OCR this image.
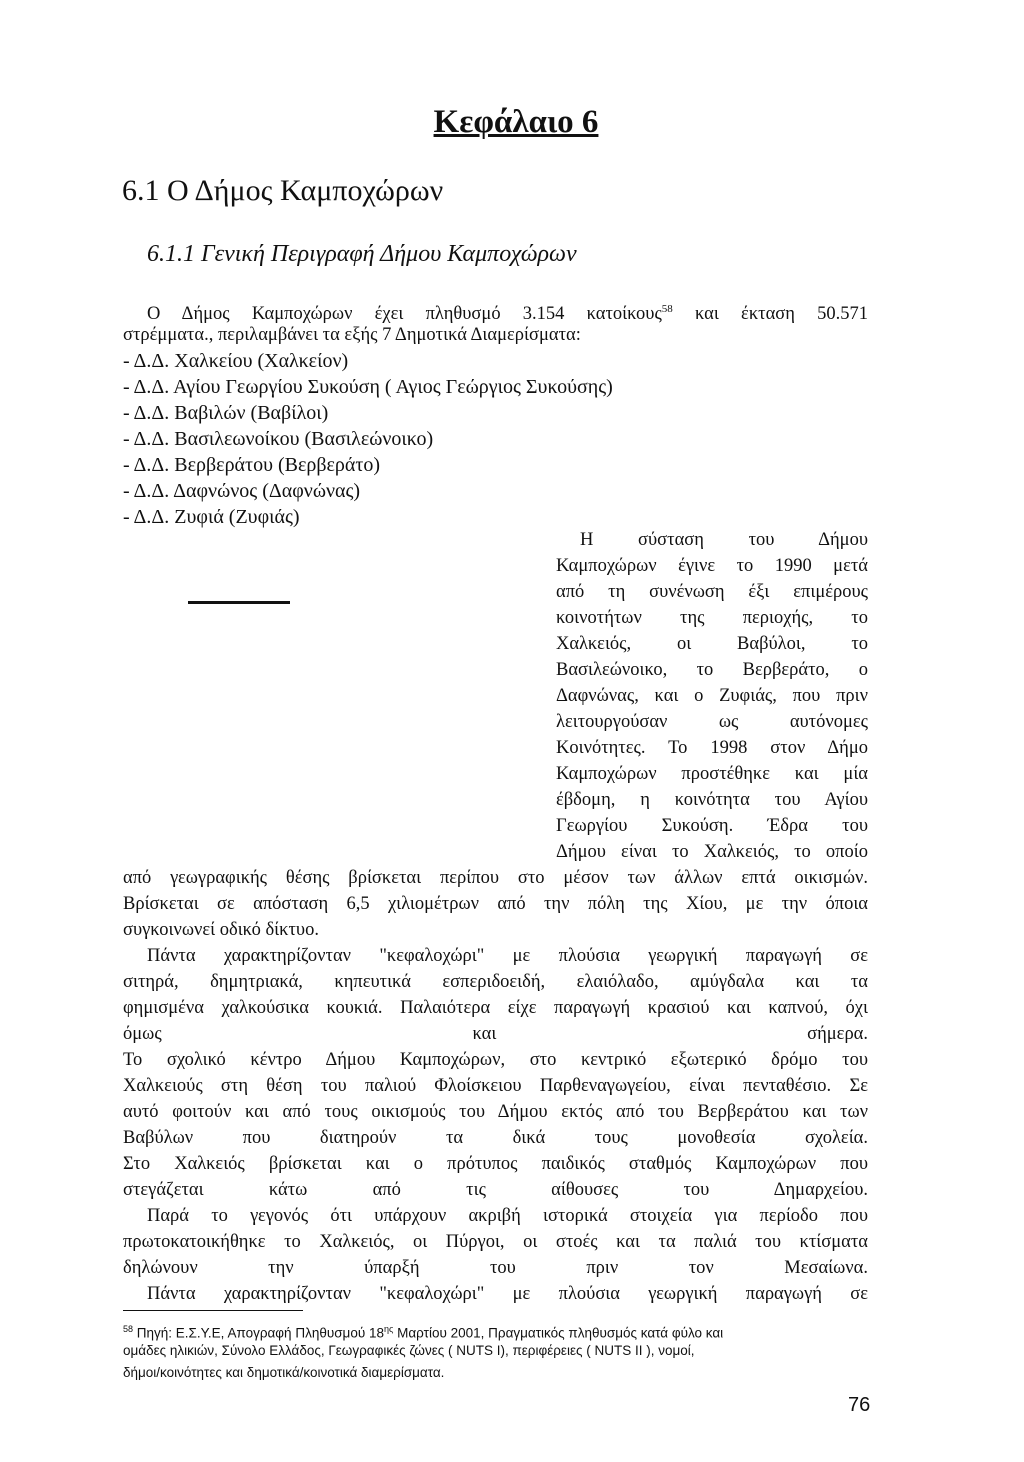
Κεφάλαιο 6
6.1 Ο Δήμος Καμποχώρων
6.1.1 Γενική Περιγραφή Δήμου Καμποχώρων
Ο Δήμος Καμποχώρων έχει πληθυσμό 3.154 κατοίκους$^{58}$ και έκταση 50.571
στρέμματα., περιλαμβάνει τα εξής 7 Δημοτικά Διαμερίσματα:
- Δ.Δ. Χαλκείου (Χαλκείον)
- Δ.Δ. Αγίου Γεωργίου Συκούση ( Αγιος Γεώργιος Συκούσης)
- Δ.Δ. Βαβιλών (Βαβίλοι)
- Δ.Δ. Βασιλεωνοίκου (Βασιλεώνοικο)
- Δ.Δ. Βερβεράτου (Βερβεράτο)
- Δ.Δ. Δαφνώνος (Δαφνώνας)
- Δ.Δ. Ζυφιά (Ζυφιάς)
Η σύσταση του Δήμου
Καμποχώρων έγινε το 1990 μετά
από τη συνένωση έξι επιμέρους
κοινοτήτων της περιοχής, το
Χαλκειός, οι Βαβύλοι, το
Βασιλεώνοικο, το Βερβεράτο, ο
Δαφνώνας, και ο Ζυφιάς, που πριν
λειτουργούσαν ως αυτόνομες
Κοινότητες. Το 1998 στον Δήμο
Καμποχώρων προστέθηκε και μία
έβδομη, η κοινότητα του Αγίου
Γεωργίου Συκούση. Έδρα του
Δήμου είναι το Χαλκειός, το οποίο
από γεωγραφικής θέσης βρίσκεται περίπου στο μέσον των άλλων επτά οικισμών.
Βρίσκεται σε απόσταση 6,5 χιλιομέτρων από την πόλη της Χίου, με την όποια
συγκοινωνεί οδικό δίκτυο.
Πάντα χαρακτηρίζονταν "κεφαλοχώρι" με πλούσια γεωργική παραγωγή σε
σιτηρά, δημητριακά, κηπευτικά εσπεριδοειδή, ελαιόλαδο, αμύγδαλα και τα
φημισμένα χαλκούσικα κουκιά. Παλαιότερα είχε παραγωγή κρασιού και καπνού, όχι
όμως και σήμερα.
Το σχολικό κέντρο Δήμου Καμποχώρων, στο κεντρικό εξωτερικό δρόμο του
Χαλκειούς στη θέση του παλιού Φλοίσκειου Παρθεναγωγείου, είναι πενταθέσιο. Σε
αυτό φοιτούν και από τους οικισμούς του Δήμου εκτός από του Βερβεράτου και των
Βαβύλων που διατηρούν τα δικά τους μονοθεσία σχολεία.
Στο Χαλκειός βρίσκεται και ο πρότυπος παιδικός σταθμός Καμποχώρων που
στεγάζεται κάτω από τις αίθουσες του Δημαρχείου.
Παρά το γεγονός ότι υπάρχουν ακριβή ιστορικά στοιχεία για περίοδο που
πρωτοκατοικήθηκε το Χαλκειός, οι Πύργοι, οι στοές και τα παλιά του κτίσματα
δηλώνουν την ύπαρξή του πριν τον Μεσαίωνα.
Πάντα χαρακτηρίζονταν "κεφαλοχώρι" με πλούσια γεωργική παραγωγή σε
$^{58}$ Πηγή: Ε.Σ.Υ.Ε, Απογραφή Πληθυσμού $18^{\eta\varsigma}$ Μαρτίου 2001, Πραγματικός πληθυσμός κατά φύλο και
ομάδες ηλικιών, Σύνολο Ελλάδος, Γεωγραφικές ζώνες ( NUTS I), περιφέρειες ( NUTS II ), νομοί,
δήμοι/κοινότητες και δημοτικά/κοινοτικά διαμερίσματα.
76
